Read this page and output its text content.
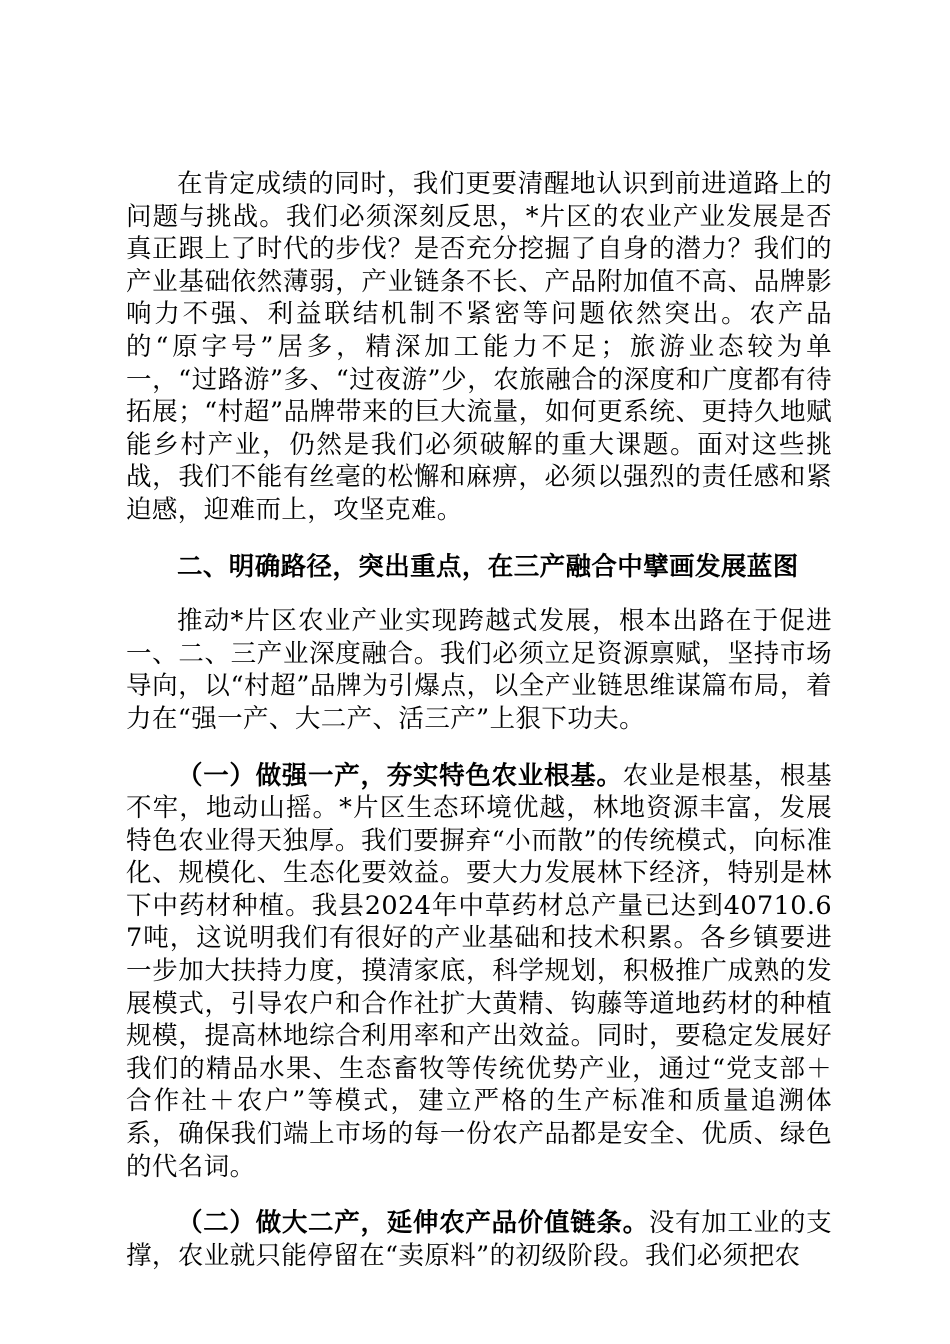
在肯定成绩的同时，我们更要清醒地认识到前进道路上的问题与挑战。我们必须深刻反思，*片区的农业产业发展是否真正跟上了时代的步伐？是否充分挖掘了自身的潜力？我们的产业基础依然薄弱，产业链条不长、产品附加值不高、品牌影响力不强、利益联结机制不紧密等问题依然突出。农产品的“原字号”居多，精深加工能力不足；旅游业态较为单一，“过路游”多、“过夜游”少，农旅融合的深度和广度都有待拓展；“村超”品牌带来的巨大流量，如何更系统、更持久地赋能乡村产业，仍然是我们必须破解的重大课题。面对这些挑战，我们不能有丝毫的松懈和麻痹，必须以强烈的责任感和紧迫感，迎难而上，攻坚克难。

二、明确路径，突出重点，在三产融合中擘画发展蓝图

推动*片区农业产业实现跨越式发展，根本出路在于促进一、二、三产业深度融合。我们必须立足资源禀赋，坚持市场导向，以“村超”品牌为引爆点，以全产业链思维谋篇布局，着力在“强一产、大二产、活三产”上狠下功夫。

（一）做强一产，夯实特色农业根基。农业是根基，根基不牢，地动山摇。*片区生态环境优越，林地资源丰富，发展特色农业得天独厚。我们要摒弃“小而散”的传统模式，向标准化、规模化、生态化要效益。要大力发展林下经济，特别是林下中药材种植。我县2024年中草药材总产量已达到40710.67吨，这说明我们有很好的产业基础和技术积累。各乡镇要进一步加大扶持力度，摸清家底，科学规划，积极推广成熟的发展模式，引导农户和合作社扩大黄精、钩藤等道地药材的种植规模，提高林地综合利用率和产出效益。同时，要稳定发展好我们的精品水果、生态畜牧等传统优势产业，通过“党支部＋合作社＋农户”等模式，建立严格的生产标准和质量追溯体系，确保我们端上市场的每一份农产品都是安全、优质、绿色的代名词。

（二）做大二产，延伸农产品价值链条。没有加工业的支撑，农业就只能停留在“卖原料”的初级阶段。我们必须把农
